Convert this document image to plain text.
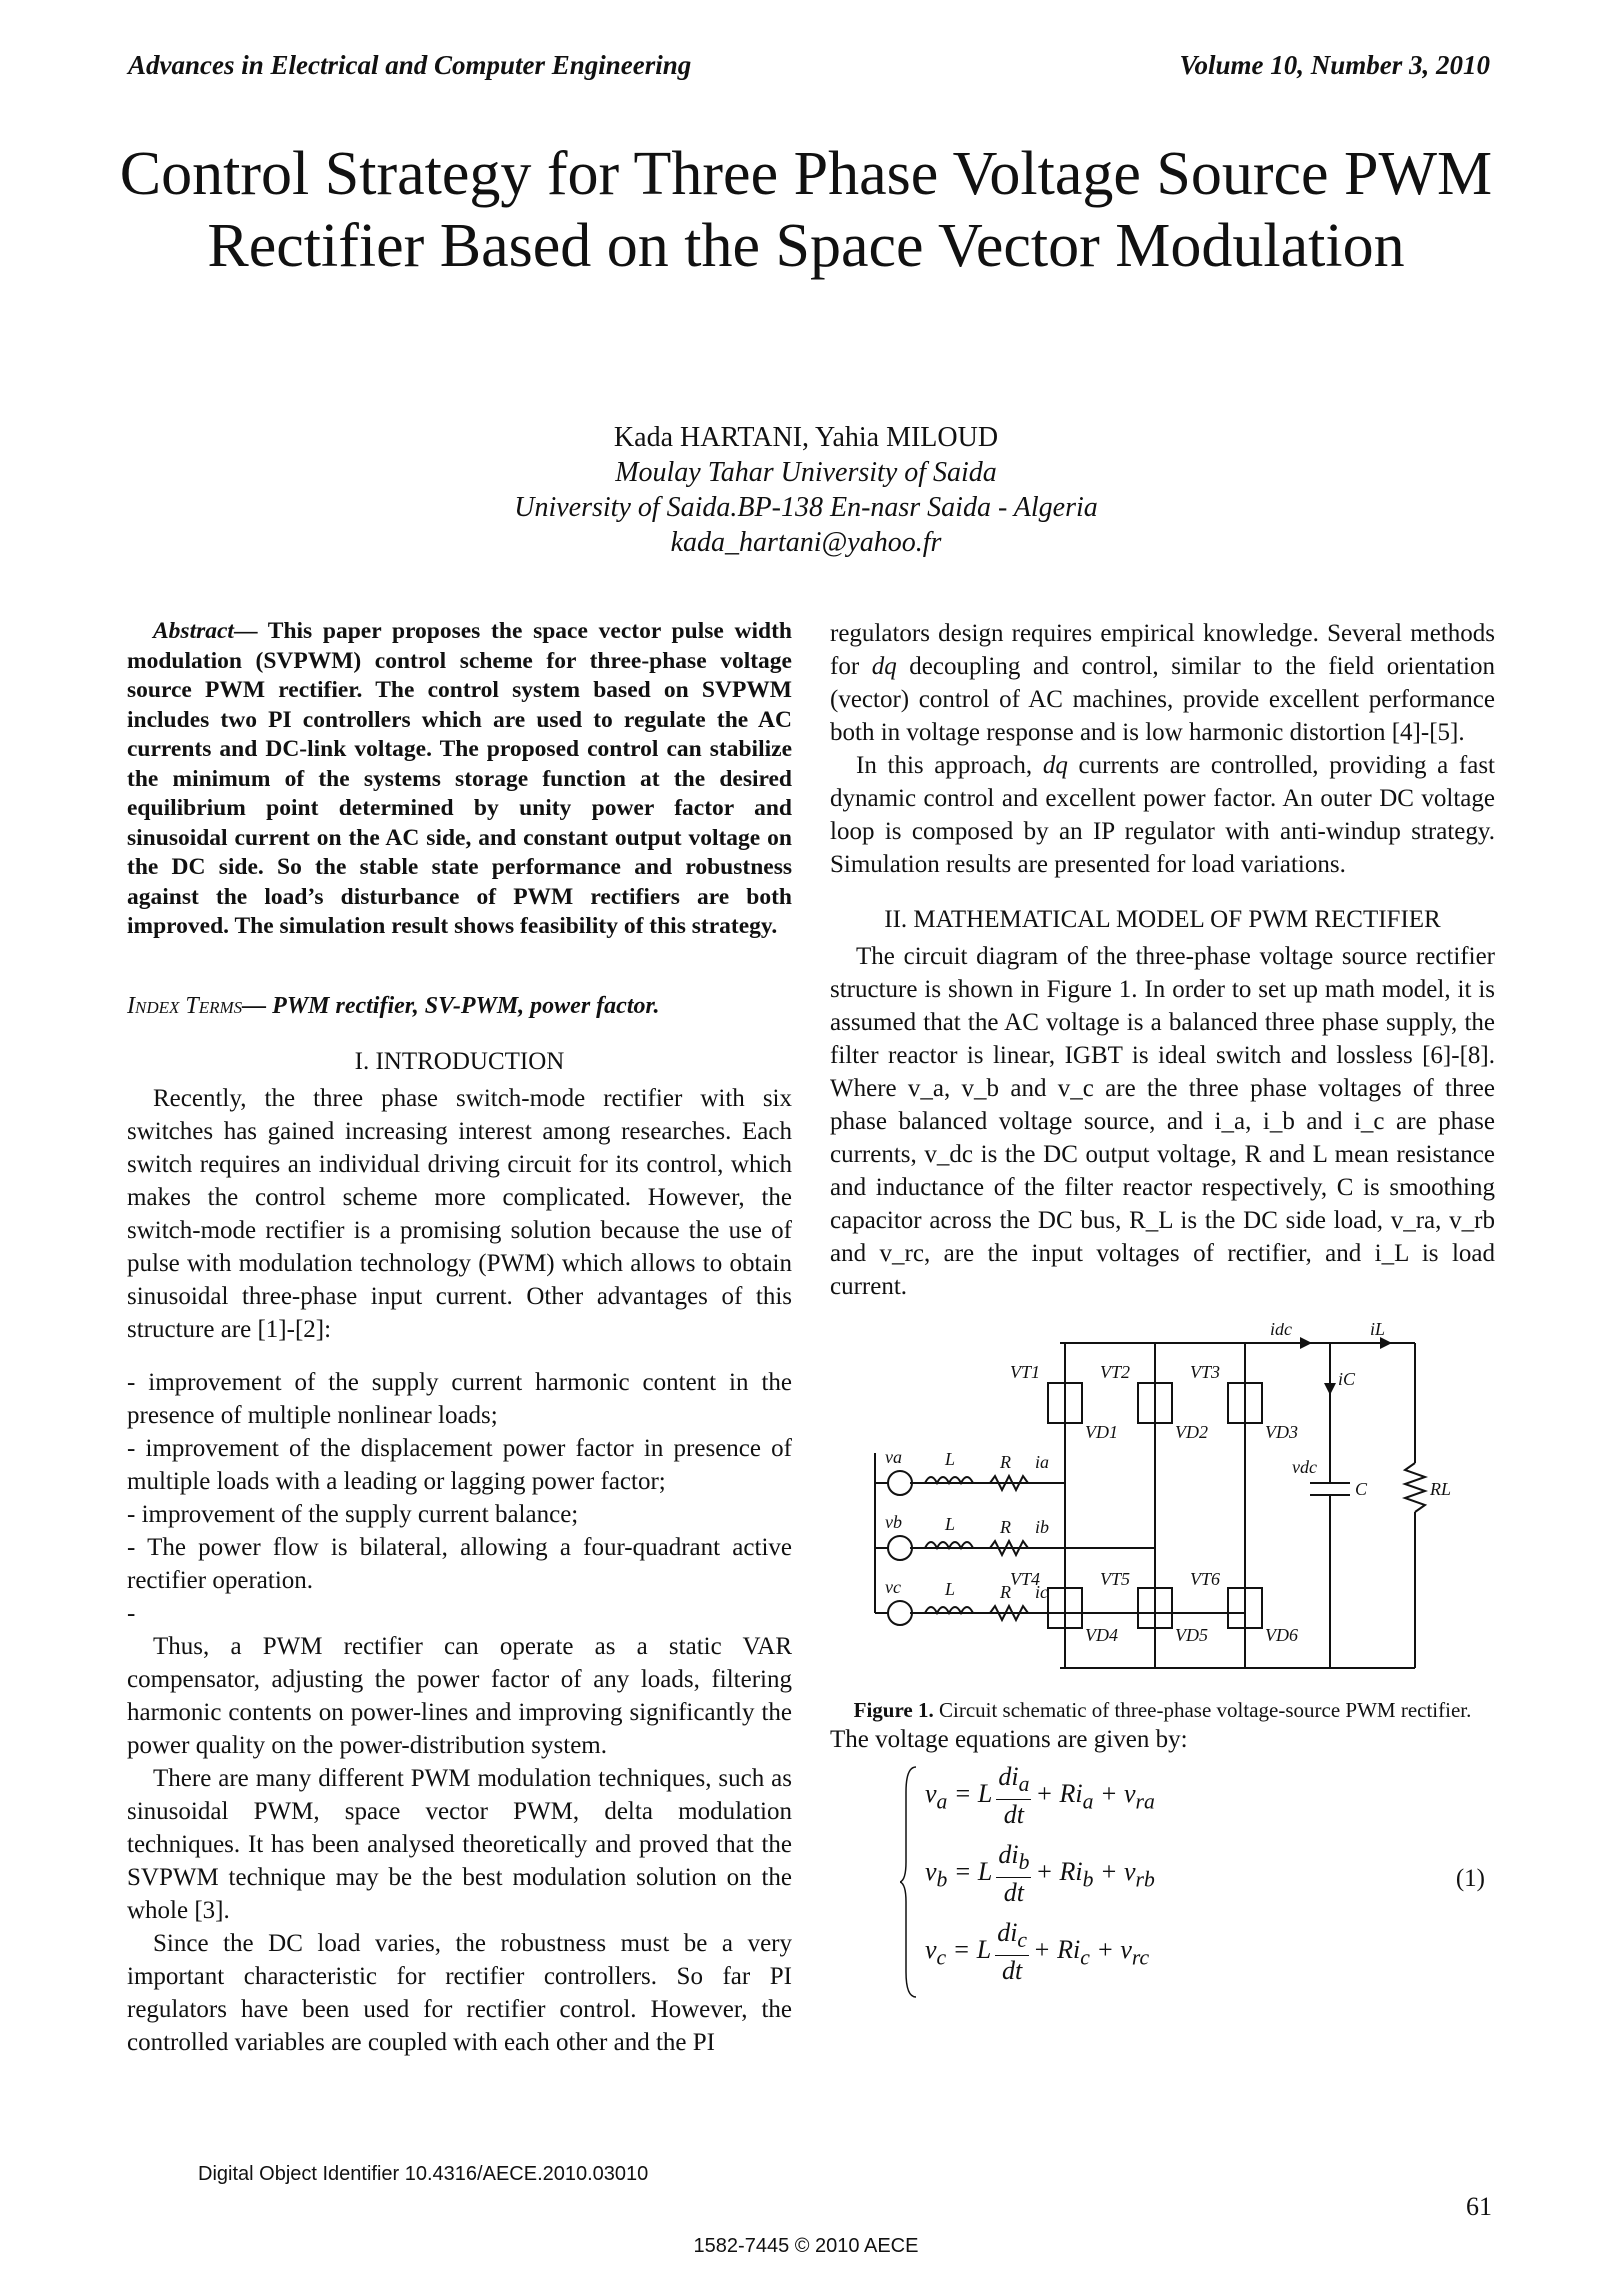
Advances in Electrical and Computer Engineering	Volume 10, Number 3, 2010
Control Strategy for Three Phase Voltage Source PWM Rectifier Based on the Space Vector Modulation
Kada HARTANI, Yahia MILOUD
Moulay Tahar University of Saida
University of Saida.BP-138 En-nasr Saida - Algeria
kada_hartani@yahoo.fr

Abstract— This paper proposes the space vector pulse width modulation (SVPWM) control scheme for three-phase voltage source PWM rectifier. The control system based on SVPWM includes two PI controllers which are used to regulate the AC currents and DC-link voltage. The proposed control can stabilize the minimum of the systems storage function at the desired equilibrium point determined by unity power factor and sinusoidal current on the AC side, and constant output voltage on the DC side. So the stable state performance and robustness against the load’s disturbance of PWM rectifiers are both improved. The simulation result shows feasibility of this strategy.

Index Terms— PWM rectifier, SV-PWM, power factor.

I. INTRODUCTION

Recently, the three phase switch-mode rectifier with six switches has gained increasing interest among researches. Each switch requires an individual driving circuit for its control, which makes the control scheme more complicated. However, the switch-mode rectifier is a promising solution because the use of pulse with modulation technology (PWM) which allows to obtain sinusoidal three-phase input current. Other advantages of this structure are [1]-[2]:

- improvement of the supply current harmonic content in the presence of multiple nonlinear loads;

- improvement of the displacement power factor in presence of multiple loads with a leading or lagging power factor;

- improvement of the supply current balance;

- The power flow is bilateral, allowing a four-quadrant active rectifier operation.

-

Thus, a PWM rectifier can operate as a static VAR compensator, adjusting the power factor of any loads, filtering harmonic contents on power-lines and improving significantly the power quality on the power-distribution system.

There are many different PWM modulation techniques, such as sinusoidal PWM, space vector PWM, delta modulation techniques. It has been analysed theoretically and proved that the SVPWM technique may be the best modulation solution on the whole [3].

Since the DC load varies, the robustness must be a very important characteristic for rectifier controllers. So far PI regulators have been used for rectifier control. However, the controlled variables are coupled with each other and the PI

regulators design requires empirical knowledge. Several methods for dq decoupling and control, similar to the field orientation (vector) control of AC machines, provide excellent performance both in voltage response and is low harmonic distortion [4]-[5].

In this approach, dq currents are controlled, providing a fast dynamic control and excellent power factor. An outer DC voltage loop is composed by an IP regulator with anti-windup strategy. Simulation results are presented for load variations.

II. MATHEMATICAL MODEL OF PWM RECTIFIER

The circuit diagram of the three-phase voltage source rectifier structure is shown in Figure 1. In order to set up math model, it is assumed that the AC voltage is a balanced three phase supply, the filter reactor is linear, IGBT is ideal switch and lossless [6]-[8]. Where v_a, v_b and v_c are the three phase voltages of three phase balanced voltage source, and i_a, i_b and i_c are phase currents, v_dc is the DC output voltage, R and L mean resistance and inductance of the filter reactor respectively, C is smoothing capacitor across the DC bus, R_L is the DC side load, v_ra, v_rb and v_rc, are the input voltages of rectifier, and i_L is load current.

idc	iL
iC
vdc
C	RL
VT1	VT2	VT3
VD1	VD2	VD3
VT4	VT5	VT6
VD4	VD5	VD6
va
vb
vc
L
L
L
R
R
R
ia
ib
ic
Figure 1. Circuit schematic of three-phase voltage-source PWM rectifier.

The voltage equations are given by:

$v_a = L \frac{di_a}{dt} + Ri_a + v_{ra}$
$v_b = L \frac{di_b}{dt} + Ri_b + v_{rb}$
$v_c = L \frac{di_c}{dt} + Ri_c + v_{rc}$
(1)
Digital Object Identifier 10.4316/AECE.2010.03010
61
1582-7445 © 2010 AECE
